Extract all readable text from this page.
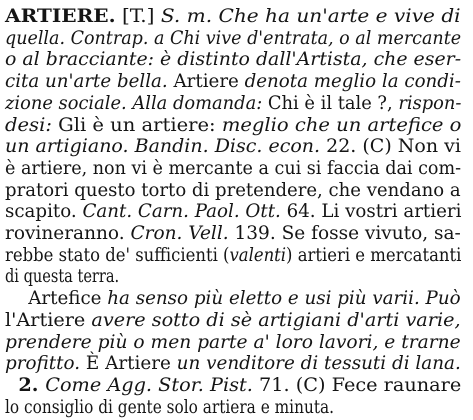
ARTIERE. [T.] S. m. Che ha un'arte e vive di
quella. Contrap. a Chi vive d'entrata, o al mercante
o al bracciante: è distinto dall'Artista, che eser-
cita un'arte bella. Artiere denota meglio la condi-
zione sociale. Alla domanda: Chi è il tale ?, rispon-
desi: Gli è un artiere: meglio che un artefice o
un artigiano. Bandin. Disc. econ. 22. (C) Non vi
è artiere, non vi è mercante a cui si faccia dai com-
pratori questo torto di pretendere, che vendano a
scapito. Cant. Carn. Paol. Ott. 64. Li vostri artieri
rovineranno. Cron. Vell. 139. Se fosse vivuto, sa-
rebbe stato de' sufficienti (valenti) artieri e mercatanti
di questa terra.
Artefice ha senso più eletto e usi più varii. Può
l'Artiere avere sotto di sè artigiani d'arti varie,
prendere più o men parte a' loro lavori, e trarne
profitto. È Artiere un venditore di tessuti di lana.
2. Come Agg. Stor. Pist. 71. (C) Fece raunare
lo consiglio di gente solo artiera e minuta.
